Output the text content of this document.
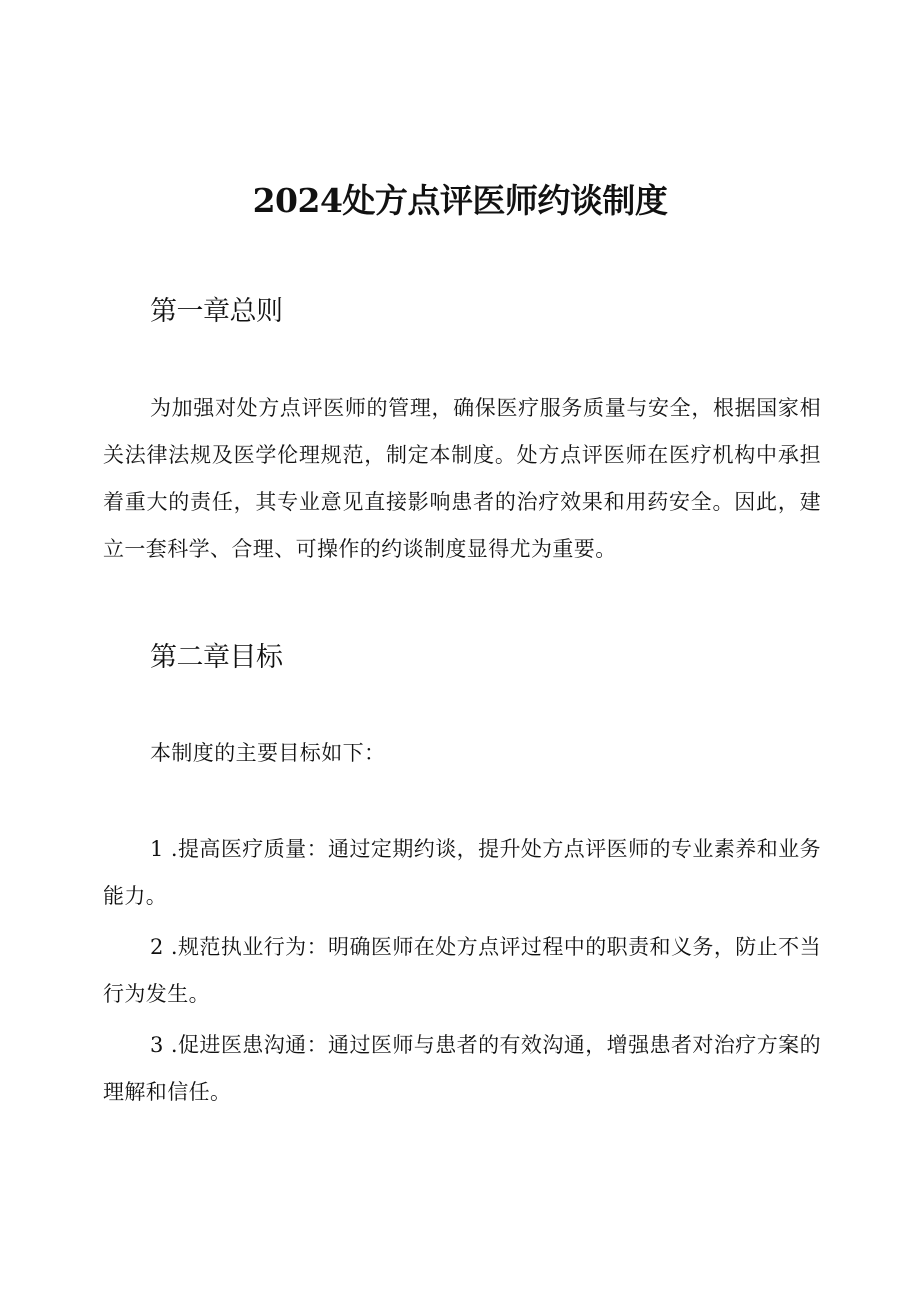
2024处方点评医师约谈制度
第一章总则
为加强对处方点评医师的管理，确保医疗服务质量与安全，根据国家相关法律法规及医学伦理规范，制定本制度。处方点评医师在医疗机构中承担着重大的责任，其专业意见直接影响患者的治疗效果和用药安全。因此，建立一套科学、合理、可操作的约谈制度显得尤为重要。
第二章目标
本制度的主要目标如下：
1 .提高医疗质量：通过定期约谈，提升处方点评医师的专业素养和业务能力。
2 .规范执业行为：明确医师在处方点评过程中的职责和义务，防止不当行为发生。
3 .促进医患沟通：通过医师与患者的有效沟通，增强患者对治疗方案的理解和信任。
